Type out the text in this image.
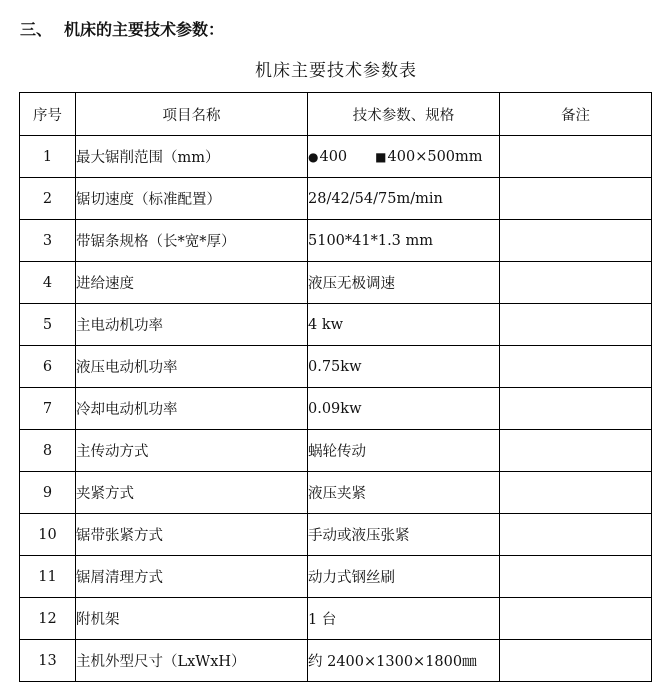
三、 机床的主要技术参数：
机床主要技术参数表
序号	项目名称	技术参数、规格	备注
1	最大锯削范围（mm）	●400 ■400×500mm	
2	锯切速度（标准配置）	28/42/54/75m/min	
3	带锯条规格（长*宽*厚）	5100*41*1.3 mm	
4	进给速度	液压无极调速	
5	主电动机功率	4 kw	
6	液压电动机功率	0.75kw	
7	冷却电动机功率	0.09kw	
8	主传动方式	蜗轮传动	
9	夹紧方式	液压夹紧	
10	锯带张紧方式	手动或液压张紧	
11	锯屑清理方式	动力式钢丝刷	
12	附机架	1 台	
13	主机外型尺寸（LxWxH）	约 2400×1300×1800㎜	
